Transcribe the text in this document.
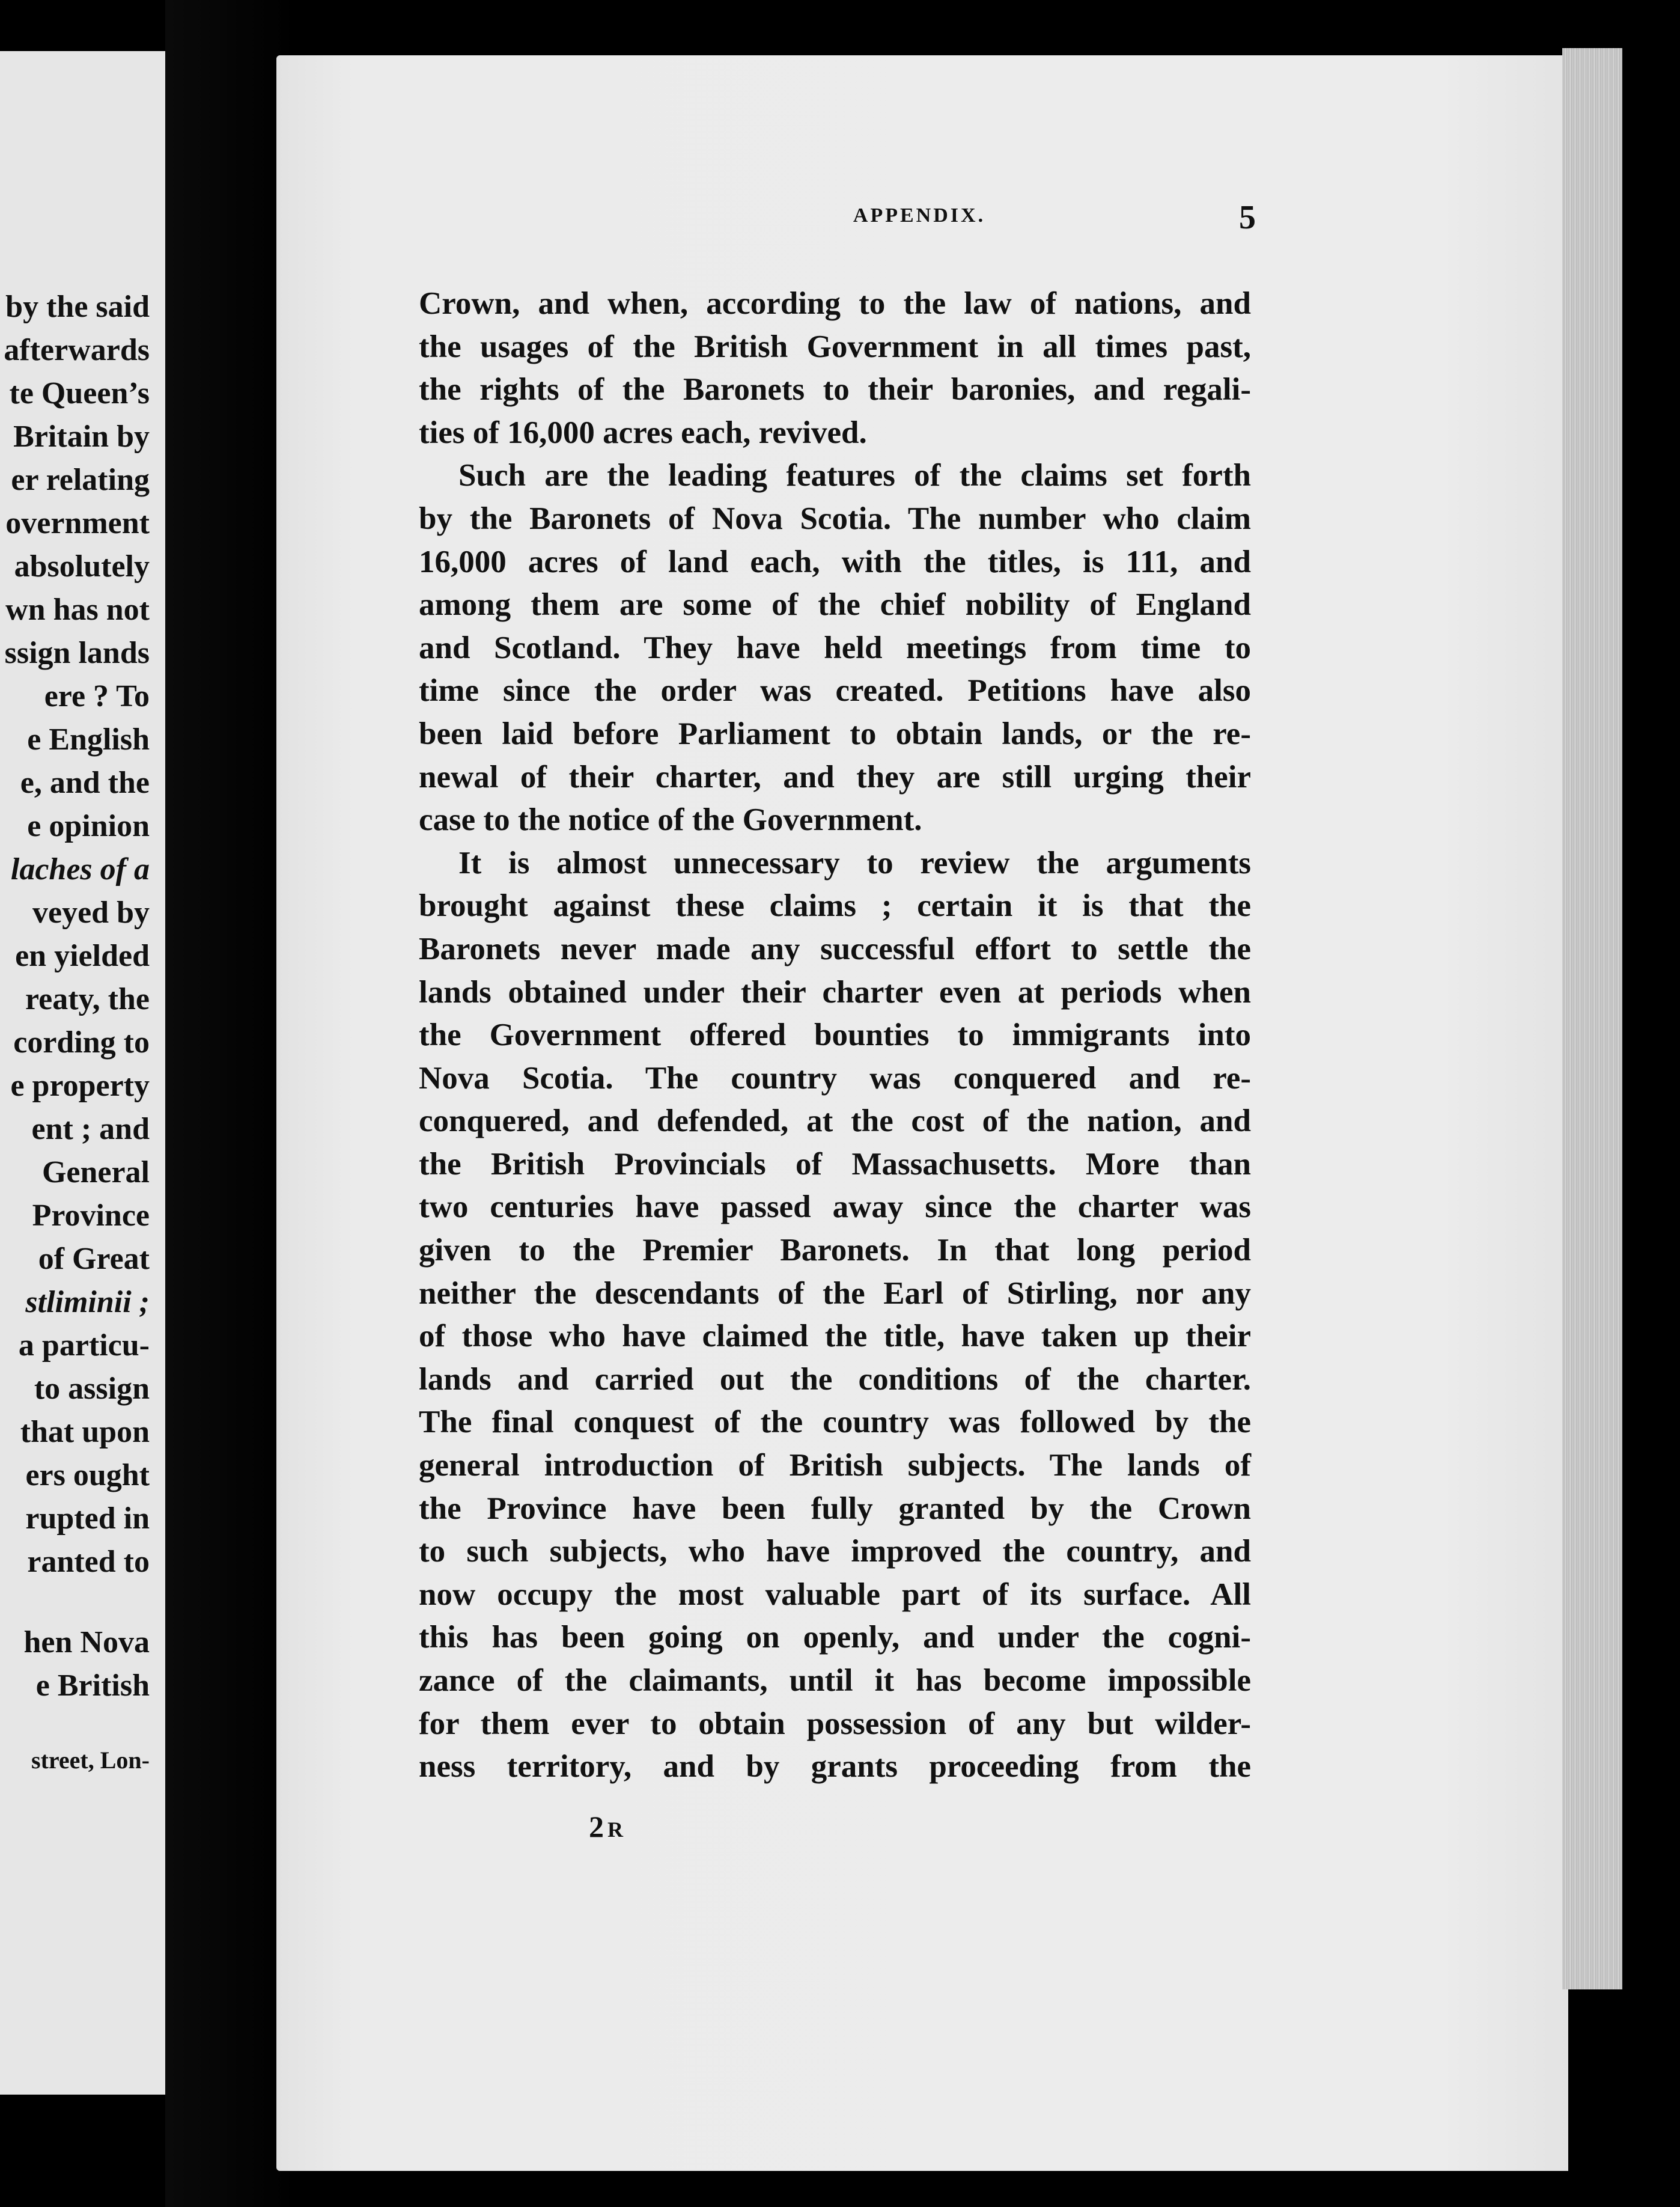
by the said
afterwards
te Queen’s
Britain by
er relating
overnment
absolutely
wn has not
ssign lands
ere ? To
e English
e, and the
e opinion
laches of a
veyed by
en yielded
reaty, the
cording to
e property
ent ; and
General
Province
of Great
stliminii ;
a particu-
to assign
that upon
ers ought
rupted in
ranted to
hen Nova
e British
street, Lon-
APPENDIX.	5
Crown, and when, according to the law of nations, and
the usages of the British Government in all times past,
the rights of the Baronets to their baronies, and regali-
ties of 16,000 acres each, revived.
Such are the leading features of the claims set forth
by the Baronets of Nova Scotia. The number who claim
16,000 acres of land each, with the titles, is 111, and
among them are some of the chief nobility of England
and Scotland. They have held meetings from time to
time since the order was created. Petitions have also
been laid before Parliament to obtain lands, or the re-
newal of their charter, and they are still urging their
case to the notice of the Government.
It is almost unnecessary to review the arguments
brought against these claims ; certain it is that the
Baronets never made any successful effort to settle the
lands obtained under their charter even at periods when
the Government offered bounties to immigrants into
Nova Scotia. The country was conquered and re-
conquered, and defended, at the cost of the nation, and
the British Provincials of Massachusetts. More than
two centuries have passed away since the charter was
given to the Premier Baronets. In that long period
neither the descendants of the Earl of Stirling, nor any
of those who have claimed the title, have taken up their
lands and carried out the conditions of the charter.
The final conquest of the country was followed by the
general introduction of British subjects. The lands of
the Province have been fully granted by the Crown
to such subjects, who have improved the country, and
now occupy the most valuable part of its surface. All
this has been going on openly, and under the cogni-
zance of the claimants, until it has become impossible
for them ever to obtain possession of any but wilder-
ness territory, and by grants proceeding from the
2R
